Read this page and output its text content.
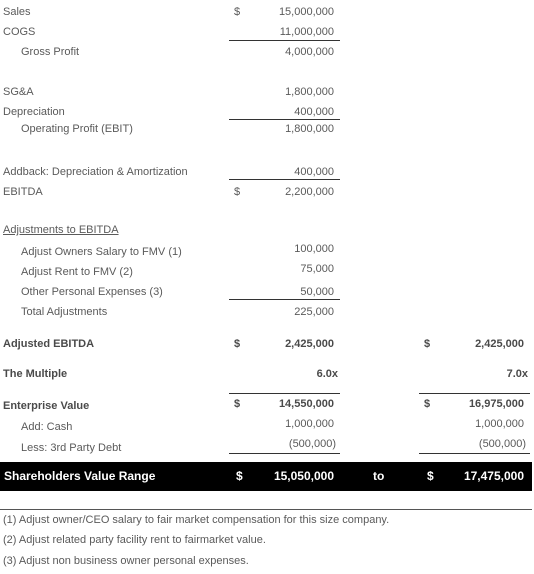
Sales	$	15,000,000
COGS	11,000,000
Gross Profit	4,000,000
SG&A	1,800,000
Depreciation	400,000
Operating Profit (EBIT)	1,800,000
Addback: Depreciation & Amortization	400,000
EBITDA	$	2,200,000
Adjustments to EBITDA
Adjust Owners Salary to FMV (1)	100,000
Adjust Rent to FMV (2)	75,000
Other Personal Expenses (3)	50,000
Total Adjustments	225,000
Adjusted EBITDA	$	2,425,000	$	2,425,000
The Multiple	6.0x	7.0x
Enterprise Value	$	14,550,000	$	16,975,000
Add: Cash	1,000,000	1,000,000
Less: 3rd Party Debt	(500,000)	(500,000)
Shareholders Value Range	$	15,050,000	to	$	17,475,000
(1) Adjust owner/CEO salary to fair market compensation for this size company.
(2) Adjust related party facility rent to fairmarket value.
(3) Adjust non business owner personal expenses.
